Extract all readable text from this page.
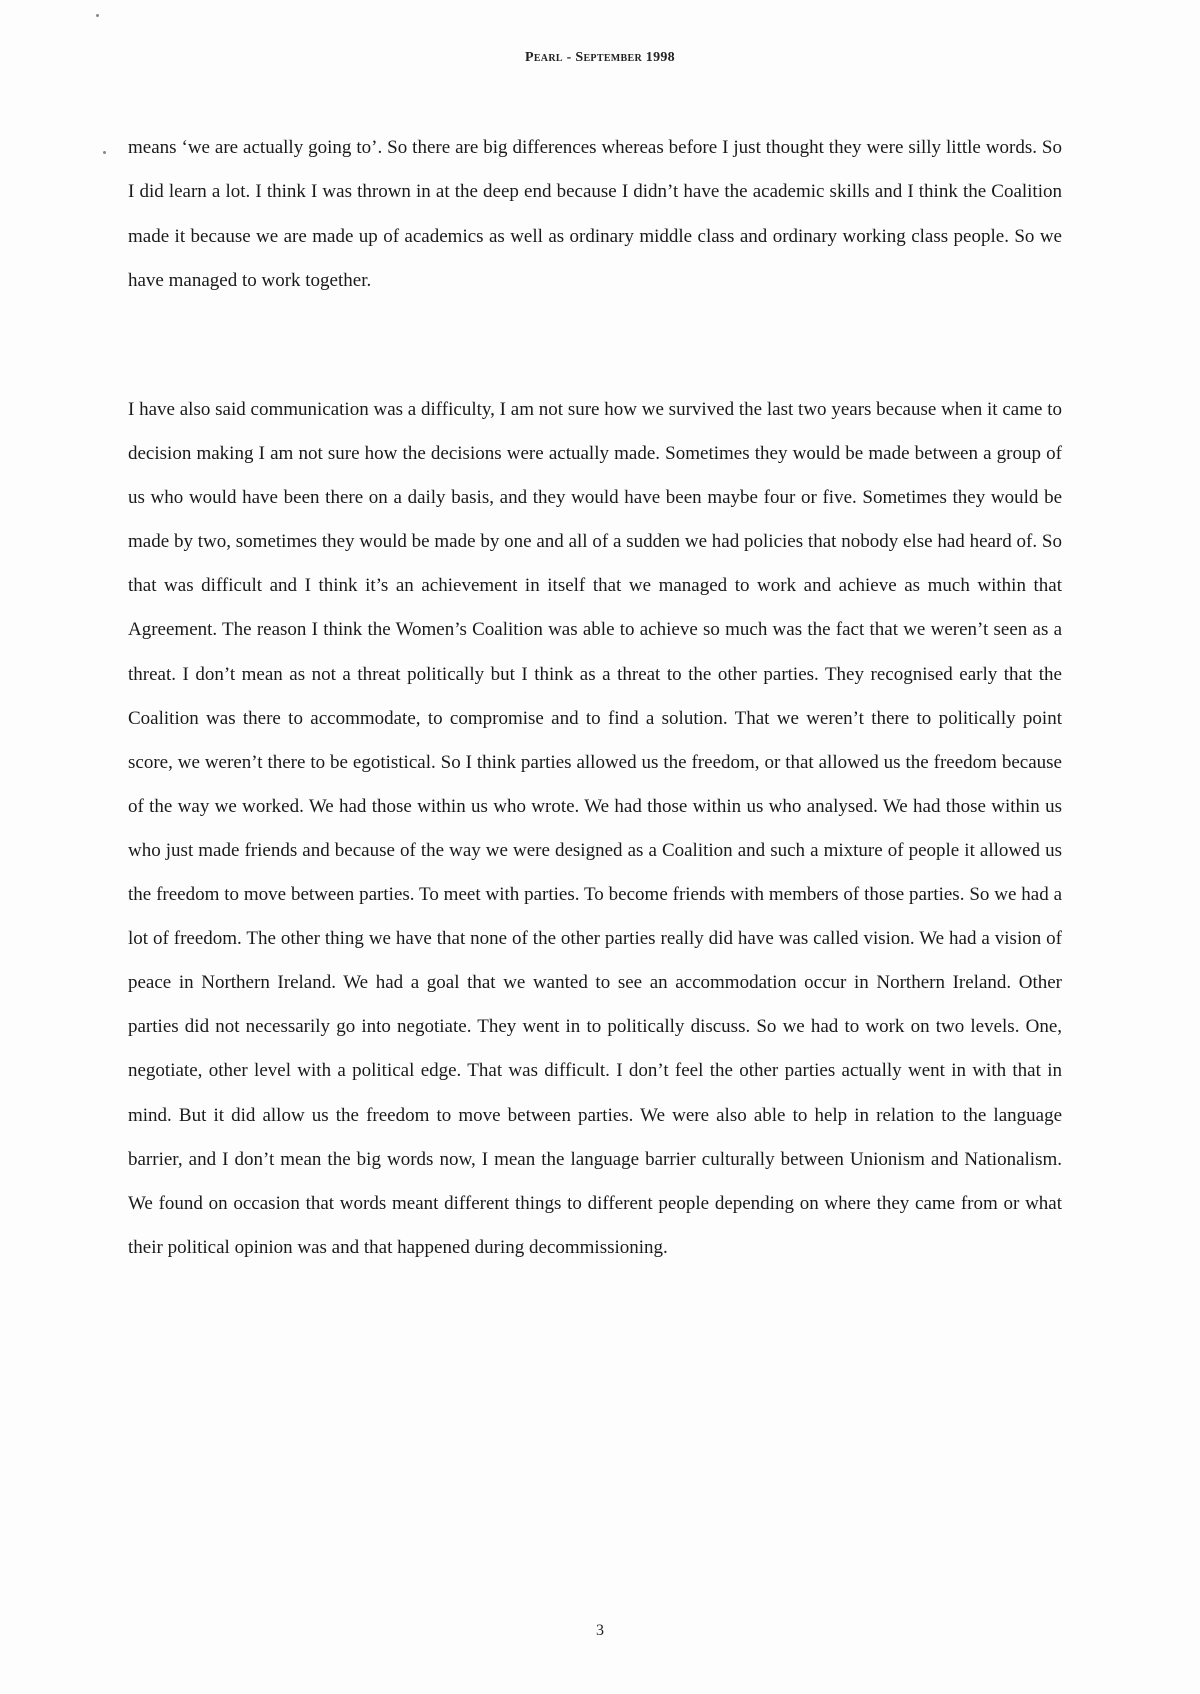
Pearl - September 1998

means ‘we are actually going to’. So there are big differences whereas before I just thought they were silly little words. So I did learn a lot. I think I was thrown in at the deep end because I didn’t have the academic skills and I think the Coalition made it because we are made up of academics as well as ordinary middle class and ordinary working class people. So we have managed to work together.

I have also said communication was a difficulty, I am not sure how we survived the last two years because when it came to decision making I am not sure how the decisions were actually made. Sometimes they would be made between a group of us who would have been there on a daily basis, and they would have been maybe four or five. Sometimes they would be made by two, sometimes they would be made by one and all of a sudden we had policies that nobody else had heard of. So that was difficult and I think it’s an achievement in itself that we managed to work and achieve as much within that Agreement. The reason I think the Women’s Coalition was able to achieve so much was the fact that we weren’t seen as a threat. I don’t mean as not a threat politically but I think as a threat to the other parties. They recognised early that the Coalition was there to accommodate, to compromise and to find a solution. That we weren’t there to politically point score, we weren’t there to be egotistical. So I think parties allowed us the freedom, or that allowed us the freedom because of the way we worked. We had those within us who wrote. We had those within us who analysed. We had those within us who just made friends and because of the way we were designed as a Coalition and such a mixture of people it allowed us the freedom to move between parties. To meet with parties. To become friends with members of those parties. So we had a lot of freedom. The other thing we have that none of the other parties really did have was called vision. We had a vision of peace in Northern Ireland. We had a goal that we wanted to see an accommodation occur in Northern Ireland. Other parties did not necessarily go into negotiate. They went in to politically discuss. So we had to work on two levels. One, negotiate, other level with a political edge. That was difficult. I don’t feel the other parties actually went in with that in mind. But it did allow us the freedom to move between parties. We were also able to help in relation to the language barrier, and I don’t mean the big words now, I mean the language barrier culturally between Unionism and Nationalism. We found on occasion that words meant different things to different people depending on where they came from or what their political opinion was and that happened during decommissioning.

3
